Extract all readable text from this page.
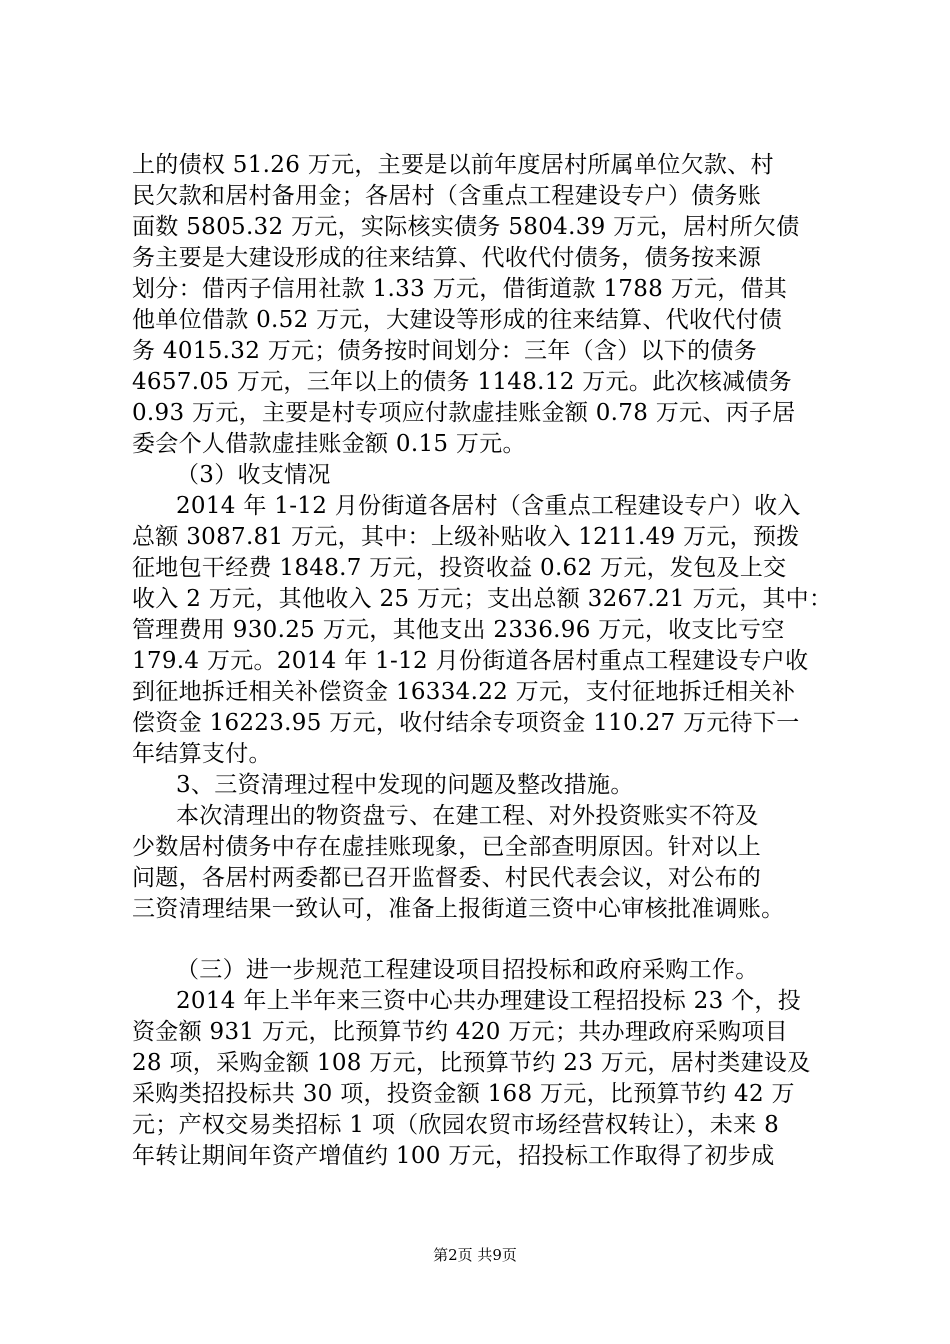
上的债权 51.26 万元，主要是以前年度居村所属单位欠款、村
民欠款和居村备用金；各居村（含重点工程建设专户）债务账
面数 5805.32 万元，实际核实债务 5804.39 万元，居村所欠债
务主要是大建设形成的往来结算、代收代付债务，债务按来源
划分：借丙子信用社款 1.33 万元，借街道款 1788 万元，借其
他单位借款 0.52 万元，大建设等形成的往来结算、代收代付债
务 4015.32 万元；债务按时间划分：三年（含）以下的债务
4657.05 万元，三年以上的债务 1148.12 万元。此次核减债务
0.93 万元，主要是村专项应付款虚挂账金额 0.78 万元、丙子居
委会个人借款虚挂账金额 0.15 万元。
（3）收支情况
2014 年 1-12 月份街道各居村（含重点工程建设专户）收入
总额 3087.81 万元，其中：上级补贴收入 1211.49 万元，预拨
征地包干经费 1848.7 万元，投资收益 0.62 万元，发包及上交
收入 2 万元，其他收入 25 万元；支出总额 3267.21 万元，其中：
管理费用 930.25 万元，其他支出 2336.96 万元，收支比亏空
179.4 万元。2014 年 1-12 月份街道各居村重点工程建设专户收
到征地拆迁相关补偿资金 16334.22 万元，支付征地拆迁相关补
偿资金 16223.95 万元，收付结余专项资金 110.27 万元待下一
年结算支付。
3、三资清理过程中发现的问题及整改措施。
本次清理出的物资盘亏、在建工程、对外投资账实不符及
少数居村债务中存在虚挂账现象，已全部查明原因。针对以上
问题，各居村两委都已召开监督委、村民代表会议，对公布的
三资清理结果一致认可，准备上报街道三资中心审核批准调账。
（三）进一步规范工程建设项目招投标和政府采购工作。
2014 年上半年来三资中心共办理建设工程招投标 23 个，投
资金额 931 万元，比预算节约 420 万元；共办理政府采购项目
28 项，采购金额 108 万元，比预算节约 23 万元，居村类建设及
采购类招投标共 30 项，投资金额 168 万元，比预算节约 42 万
元；产权交易类招标 1 项（欣园农贸市场经营权转让），未来 8
年转让期间年资产增值约 100 万元，招投标工作取得了初步成
第2页 共9页
